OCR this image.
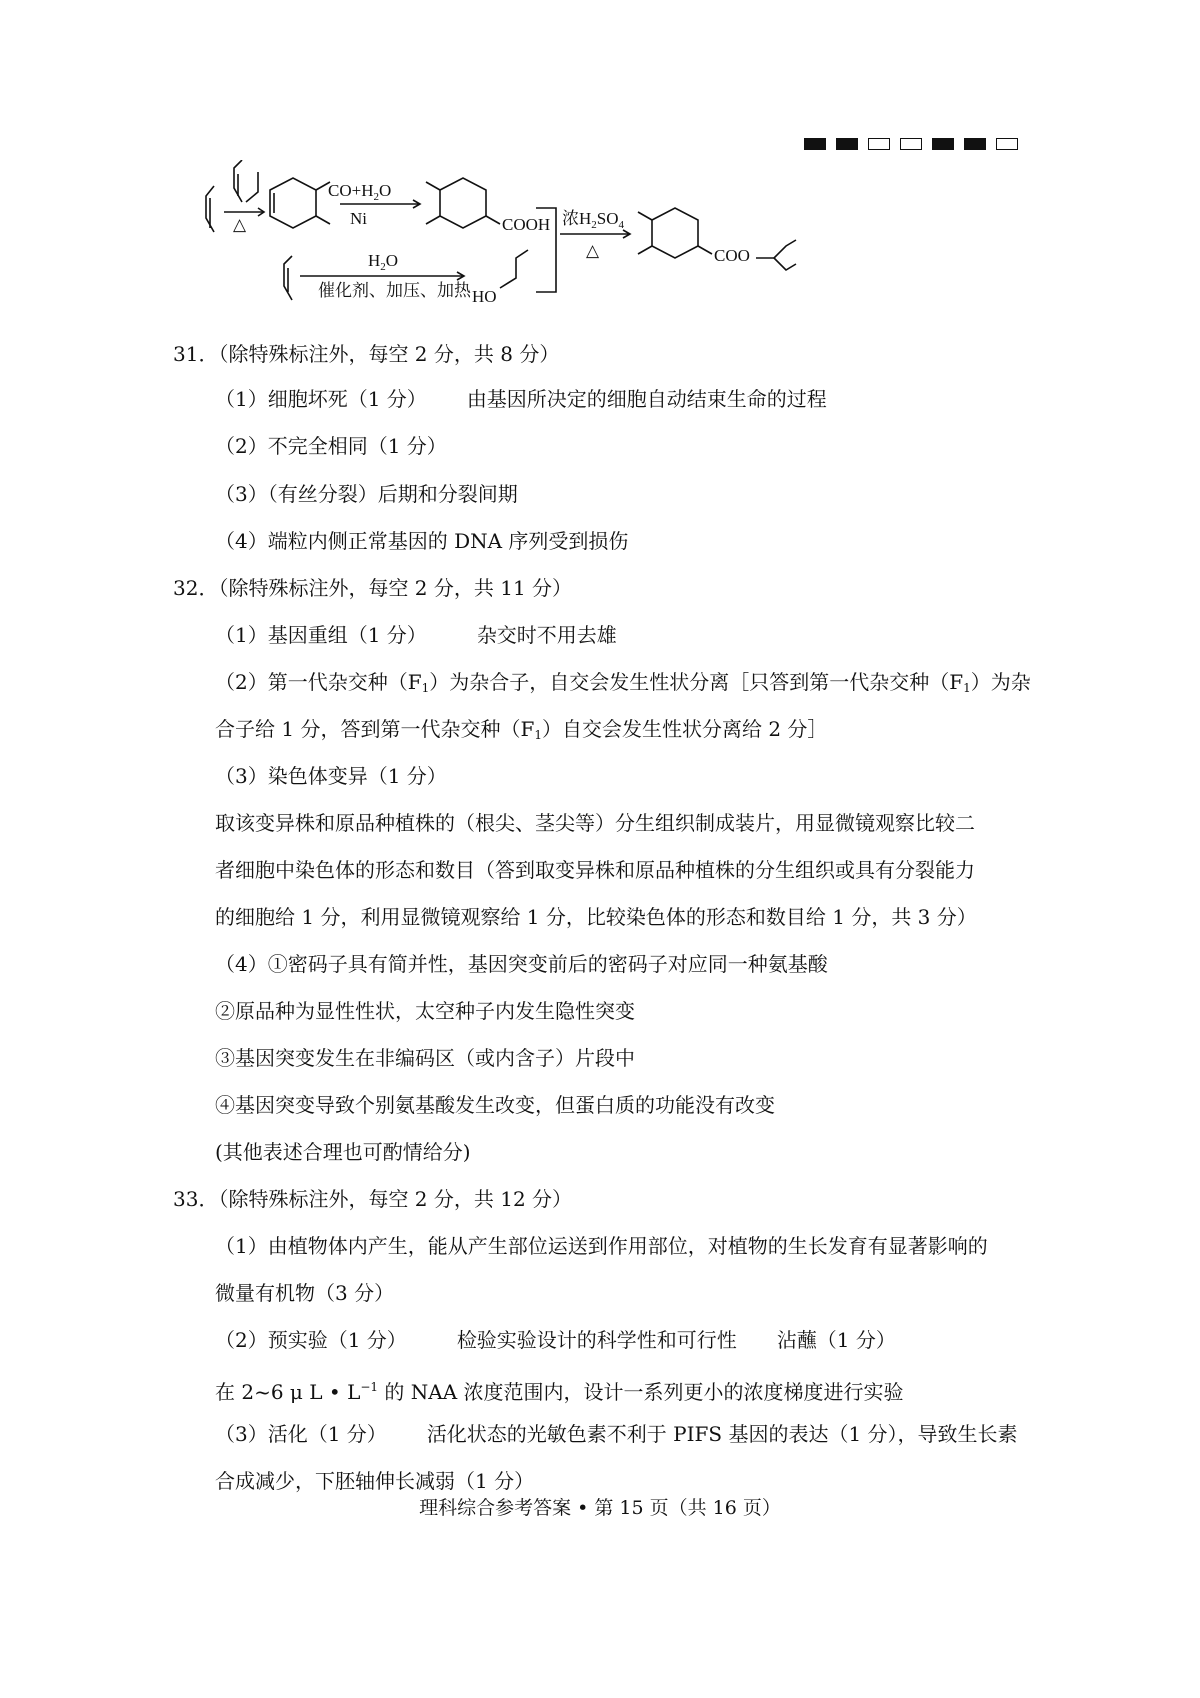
$CO+H_2O$
Ni
△	COOH 浓$H_2SO_4$
△	COO
$H_2O$
催化剂、加压、加热 HO
31．（除特殊标注外，每空 2 分，共 8 分）
（1）细胞坏死（1 分） 由基因所决定的细胞自动结束生命的过程
（2）不完全相同（1 分）
（3）（有丝分裂）后期和分裂间期
（4）端粒内侧正常基因的 DNA 序列受到损伤
32．（除特殊标注外，每空 2 分，共 11 分）
（1）基因重组（1 分）	杂交时不用去雄
（2）第一代杂交种$(F_1)$为杂合子，自交会发生性状分离［只答到第一代杂交种$(F_1)$为杂
合子给 1 分，答到第一代杂交种$(F_1)$自交会发生性状分离给 2 分］
（3）染色体变异（1 分）
取该变异株和原品种植株的（根尖、茎尖等）分生组织制成装片，用显微镜观察比较二
者细胞中染色体的形态和数目（答到取变异株和原品种植株的分生组织或具有分裂能力
的细胞给 1 分，利用显微镜观察给 1 分，比较染色体的形态和数目给 1 分，共 3 分）
（4）①密码子具有简并性，基因突变前后的密码子对应同一种氨基酸
②原品种为显性性状，太空种子内发生隐性突变
③基因突变发生在非编码区（或内含子）片段中
④基因突变导致个别氨基酸发生改变，但蛋白质的功能没有改变
(其他表述合理也可酌情给分)
33．（除特殊标注外，每空 2 分，共 12 分）
（1）由植物体内产生，能从产生部位运送到作用部位，对植物的生长发育有显著影响的
微量有机物（3 分）
（2）预实验（1 分）	检验实验设计的科学性和可行性 沾蘸（1 分）
在 2~6 μ L • $L^{-1}$ 的 NAA 浓度范围内，设计一系列更小的浓度梯度进行实验
（3）活化（1 分） 活化状态的光敏色素不利于 PIFS 基因的表达（1 分），导致生长素
合成减少，下胚轴伸长减弱（1 分）
理科综合参考答案 • 第 15 页（共 16 页）
